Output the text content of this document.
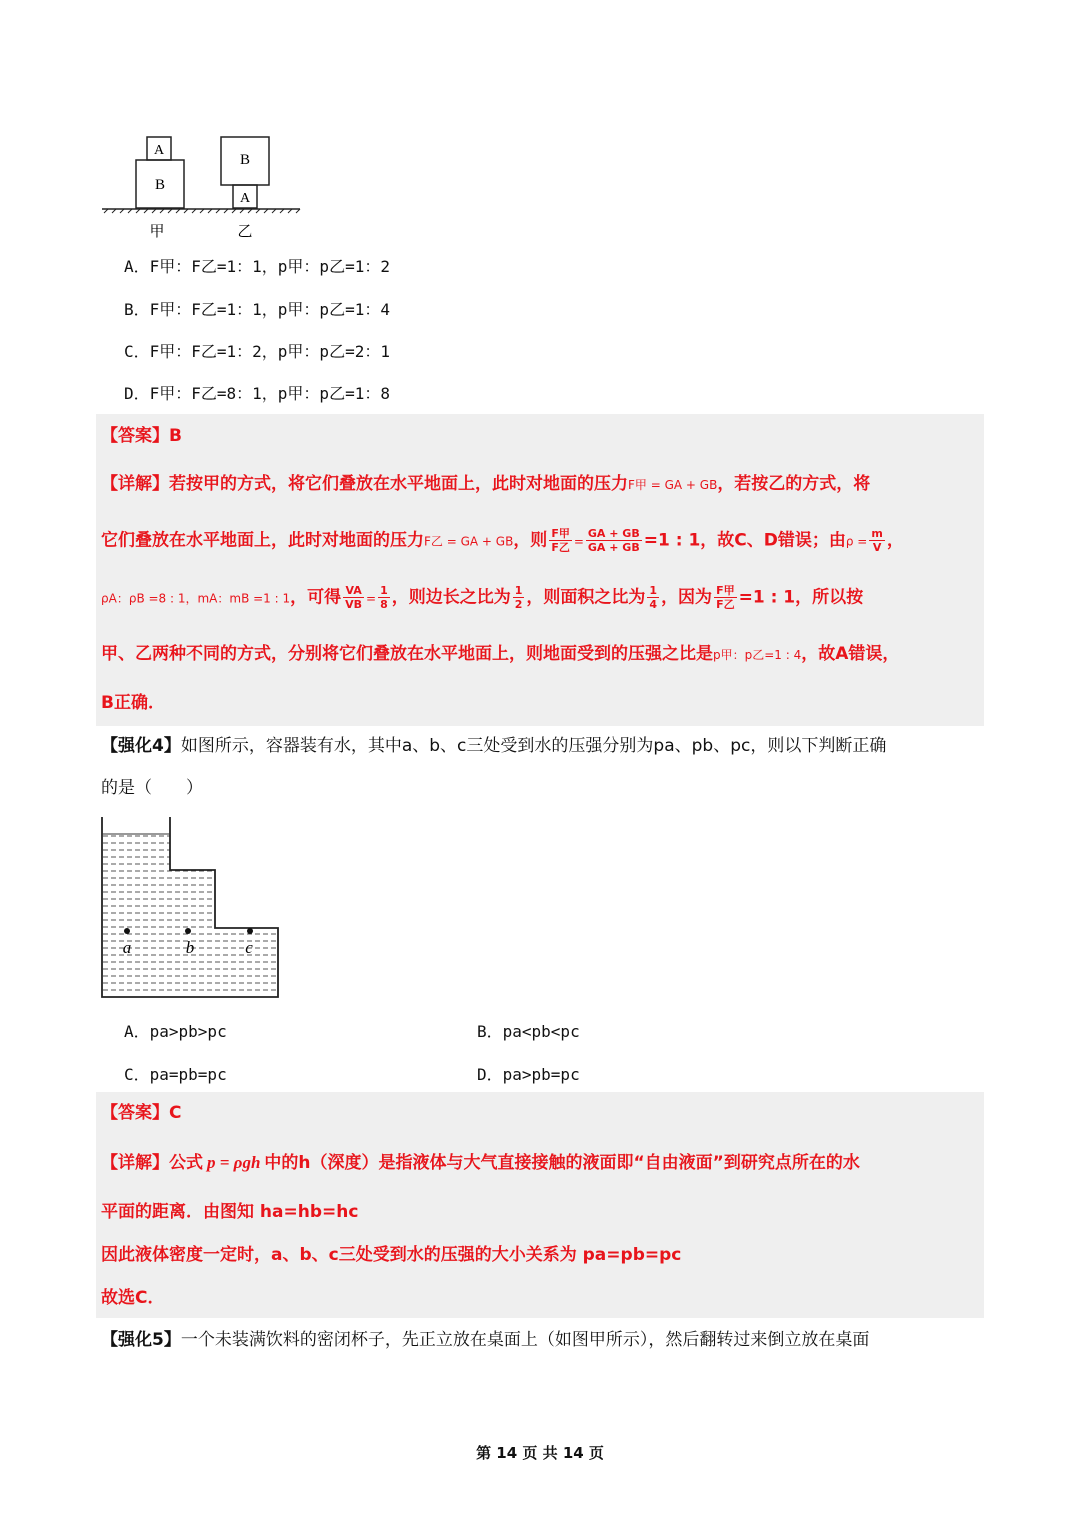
A
B
B
A
甲	乙
A．F甲：F乙=1：1，p甲：p乙=1：2
B．F甲：F乙=1：1，p甲：p乙=1：4
C．F甲：F乙=1：2，p甲：p乙=2：1
D．F甲：F乙=8：1，p甲：p乙=1：8
【答案】B
【详解】若按甲的方式，将它们叠放在水平地面上，此时对地面的压力F甲 = GA + GB，若按乙的方式，将
它们叠放在水平地面上，此时对地面的压力F乙 = GA + GB，则 $\frac{\text{F甲}}{\text{F乙}} = \frac{GA + GB}{GA + GB} =1$ : 1，故C、D错误；由$\rho = \frac{m}{V}$ ，
ρA：ρB =8 : 1，mA：mB =1 : 1，可得 $\frac{VA}{VB} = \frac{1}{8}$ ，则边长之比为 $\frac{1}{2}$ ，则面积之比为 $\frac{1}{4}$ ，因为 $\frac{\text{F甲}}{\text{F乙}} =1$ : 1，所以按
甲、乙两种不同的方式，分别将它们叠放在水平地面上，则地面受到的压强之比是p甲：p乙=1 : 4，故A错误，
B正确．
【强化4】如图所示，容器装有水，其中a、b、c三处受到水的压强分别为pa、pb、pc，则以下判断正确
的是（　　）
a	b	c
A．pa>pb>pc	B．pa<pb<pc
C．pa=pb=pc	D．pa>pb=pc
【答案】C
【详解】公式 p = ρgh 中的h（深度）是指液体与大气直接接触的液面即“自由液面”到研究点所在的水
平面的距离．由图知 ha=hb=hc
因此液体密度一定时，a、b、c三处受到水的压强的大小关系为 pa=pb=pc
故选C．
【强化5】一个未装满饮料的密闭杯子，先正立放在桌面上（如图甲所示），然后翻转过来倒立放在桌面
第 14 页 共 14 页
